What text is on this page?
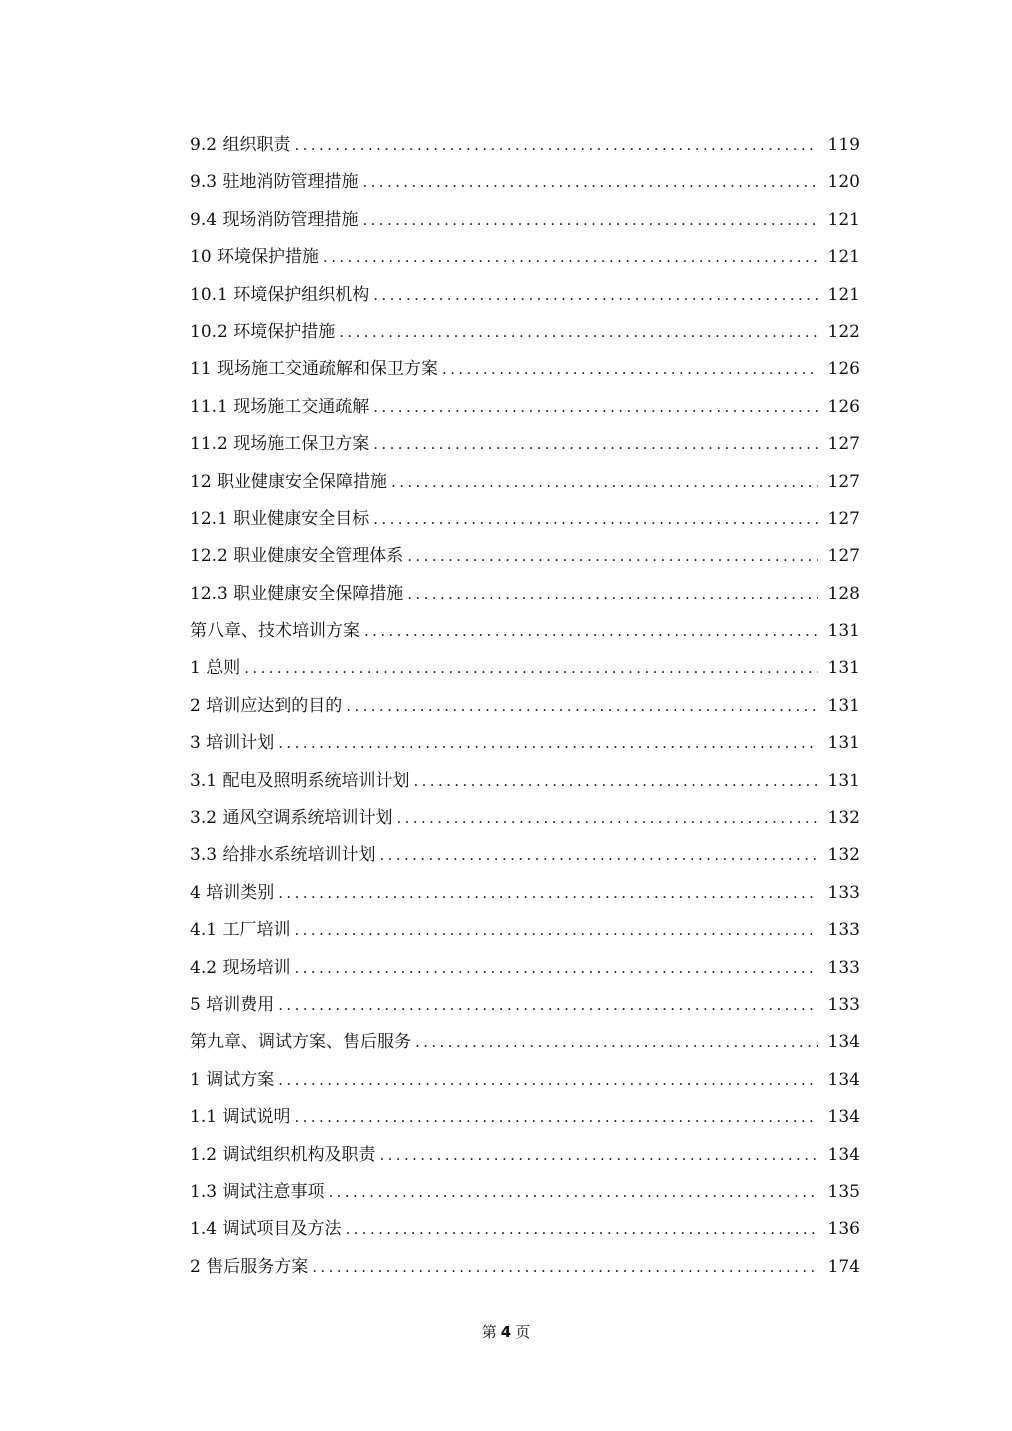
9.2 组织职责 .....	119
9.3 驻地消防管理措施 .....	120
9.4 现场消防管理措施 .....	121
10 环境保护措施 .....	121
10.1 环境保护组织机构 .....	121
10.2 环境保护措施 .....	122
11 现场施工交通疏解和保卫方案 .....	126
11.1 现场施工交通疏解 .....	126
11.2 现场施工保卫方案 .....	127
12 职业健康安全保障措施 .....	127
12.1 职业健康安全目标 .....	127
12.2 职业健康安全管理体系 .....	127
12.3 职业健康安全保障措施 .....	128
第八章、技术培训方案 .....	131
1 总则 .....	131
2 培训应达到的目的 .....	131
3 培训计划 .....	131
3.1 配电及照明系统培训计划 .....	131
3.2 通风空调系统培训计划 .....	132
3.3 给排水系统培训计划 .....	132
4 培训类别 .....	133
4.1 工厂培训 .....	133
4.2 现场培训 .....	133
5 培训费用 .....	133
第九章、调试方案、售后服务 .....	134
1 调试方案 .....	134
1.1 调试说明 .....	134
1.2 调试组织机构及职责 .....	134
1.3 调试注意事项 .....	135
1.4 调试项目及方法 .....	136
2 售后服务方案 .....	174
第 4 页
